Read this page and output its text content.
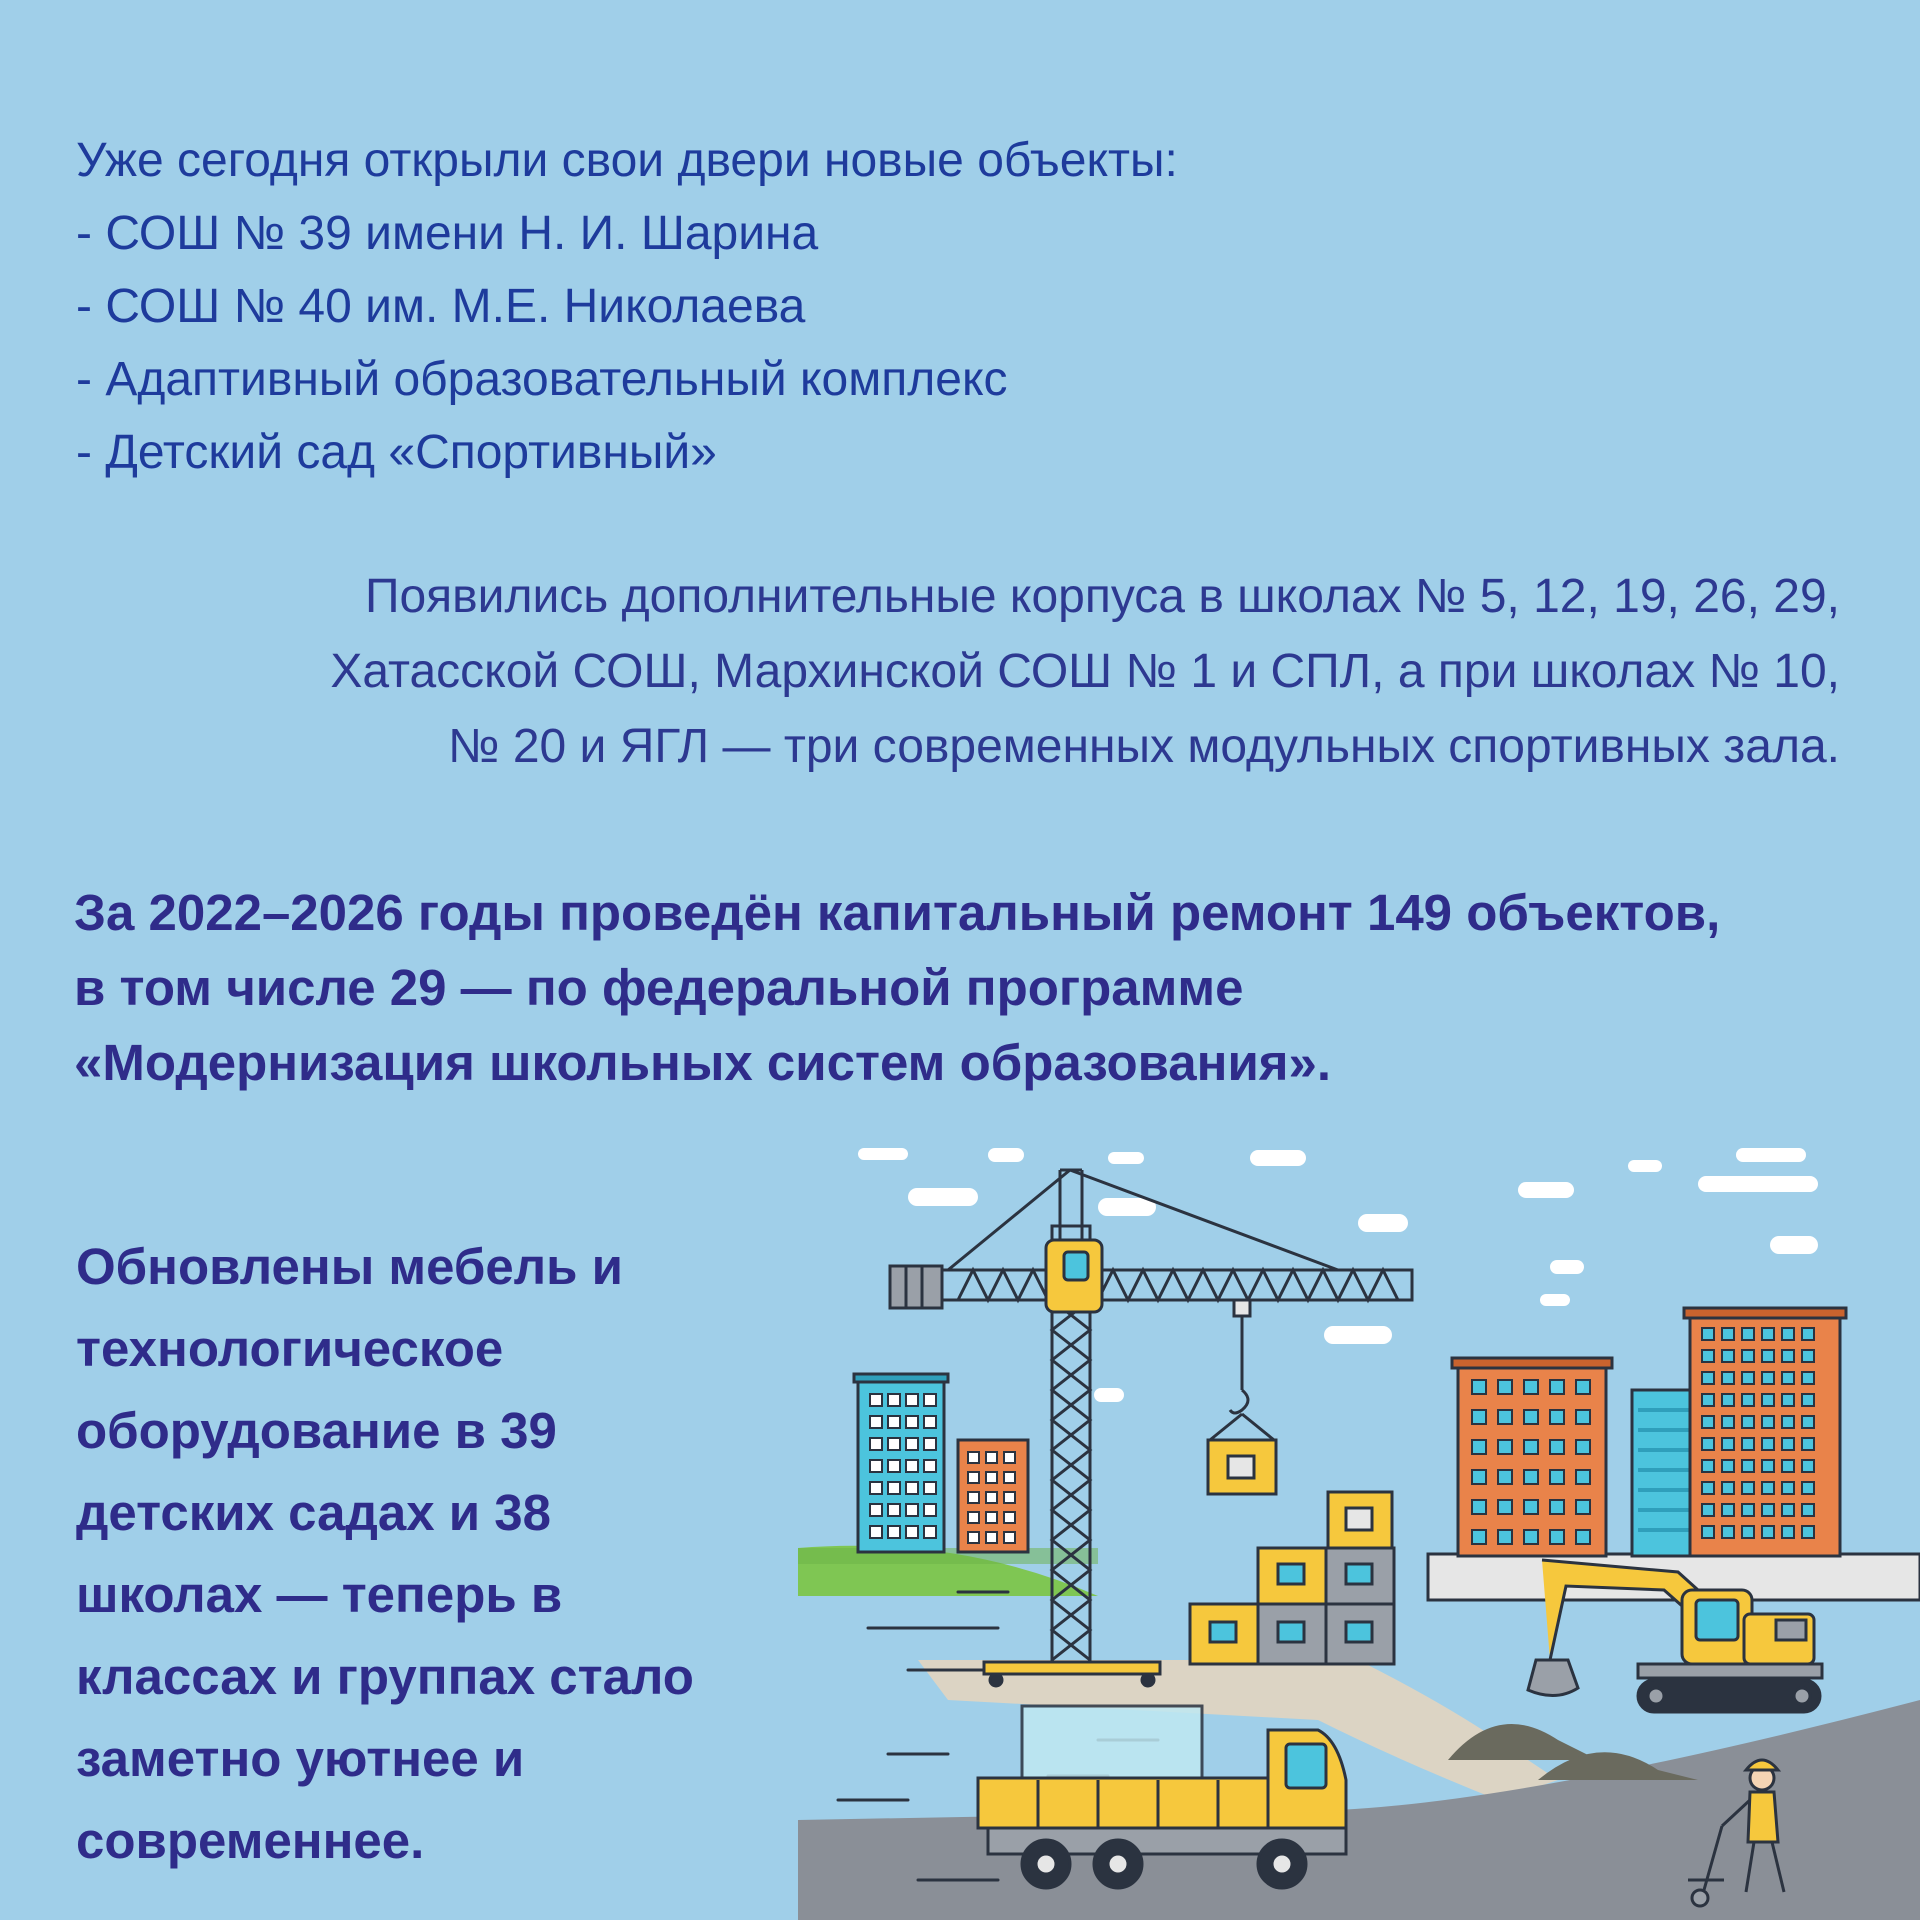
Уже сегодня открыли свои двери новые объекты:
- СОШ № 39 имени Н. И. Шарина
- СОШ № 40 им. М.Е. Николаева
- Адаптивный образовательный комплекс
- Детский сад «Спортивный»
Появились дополнительные корпуса в школах № 5, 12, 19, 26, 29,
Хатасской СОШ, Мархинской СОШ № 1 и СПЛ, а при школах № 10,
№ 20 и ЯГЛ — три современных модульных спортивных зала.
За 2022–2026 годы проведён капитальный ремонт 149 объектов,
в том числе 29 — по федеральной программе
«Модернизация школьных систем образования».
Обновлены мебель и
технологическое
оборудование в 39
детских садах и 38
школах — теперь в
классах и группах стало
заметно уютнее и
современнее.
